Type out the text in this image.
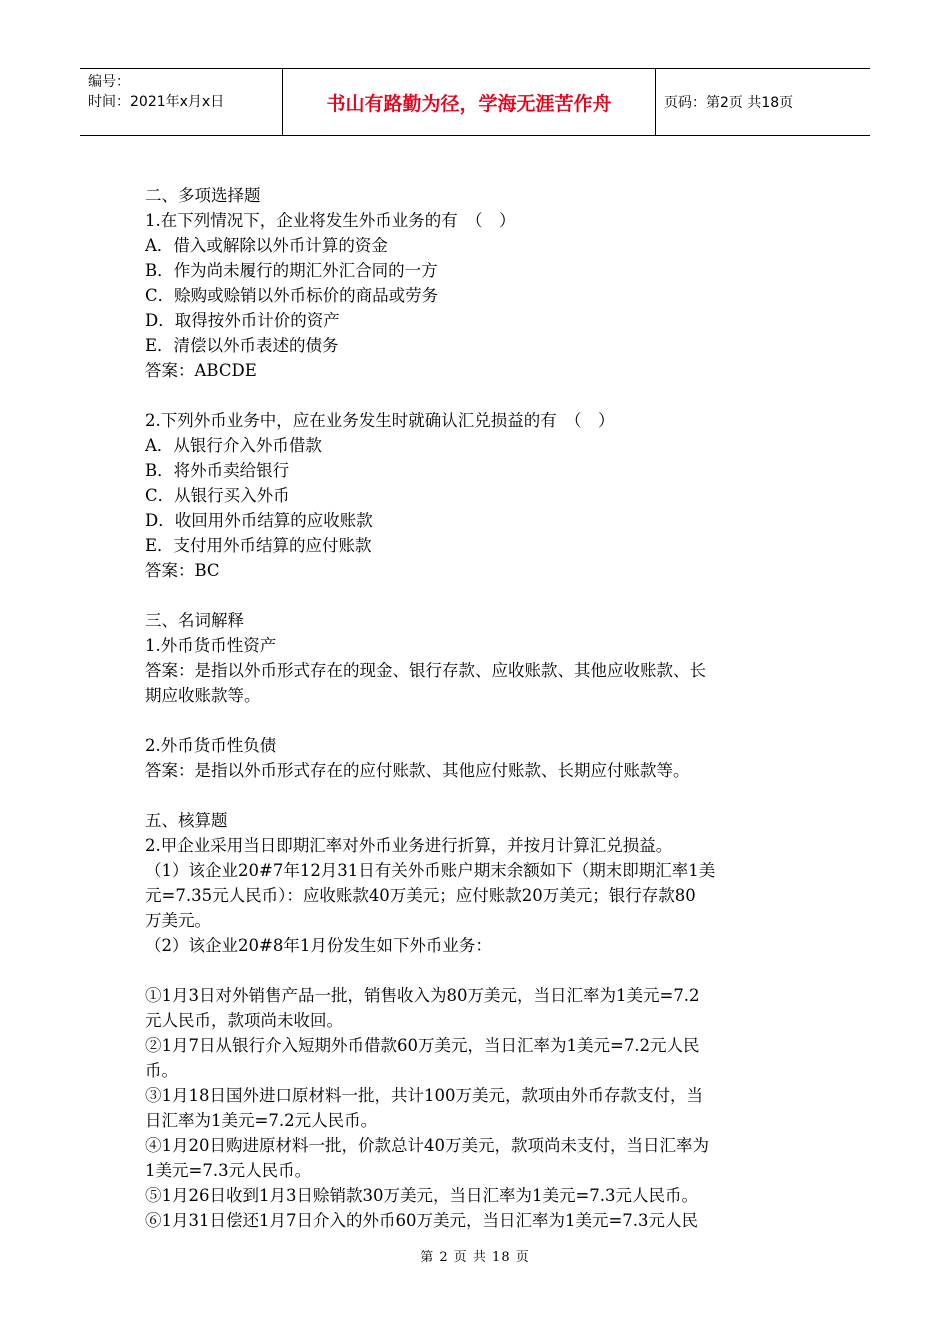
编号：
时间：2021年x月x日	书山有路勤为径，学海无涯苦作舟	页码：第2页 共18页

二、多项选择题

1.在下列情况下，企业将发生外币业务的有　（　）

A．借入或解除以外币计算的资金

B．作为尚未履行的期汇外汇合同的一方

C．赊购或赊销以外币标价的商品或劳务

D．取得按外币计价的资产

E．清偿以外币表述的债务

答案：ABCDE

2.下列外币业务中，应在业务发生时就确认汇兑损益的有　（　）

A．从银行介入外币借款

B．将外币卖给银行

C．从银行买入外币

D．收回用外币结算的应收账款

E．支付用外币结算的应付账款

答案：BC

三、名词解释

1.外币货币性资产

答案：是指以外币形式存在的现金、银行存款、应收账款、其他应收账款、长

期应收账款等。

2.外币货币性负债

答案：是指以外币形式存在的应付账款、其他应付账款、长期应付账款等。

五、核算题

2.甲企业采用当日即期汇率对外币业务进行折算，并按月计算汇兑损益。

（1）该企业20#7年12月31日有关外币账户期末余额如下（期末即期汇率1美

元=7.35元人民币）：应收账款40万美元；应付账款20万美元；银行存款80

万美元。

（2）该企业20#8年1月份发生如下外币业务：

①1月3日对外销售产品一批，销售收入为80万美元，当日汇率为1美元=7.2

元人民币，款项尚未收回。

②1月7日从银行介入短期外币借款60万美元，当日汇率为1美元=7.2元人民

币。

③1月18日国外进口原材料一批，共计100万美元，款项由外币存款支付，当

日汇率为1美元=7.2元人民币。

④1月20日购进原材料一批，价款总计40万美元，款项尚未支付，当日汇率为

1美元=7.3元人民币。

⑤1月26日收到1月3日赊销款30万美元，当日汇率为1美元=7.3元人民币。

⑥1月31日偿还1月7日介入的外币60万美元，当日汇率为1美元=7.3元人民

第 2 页 共 18 页
